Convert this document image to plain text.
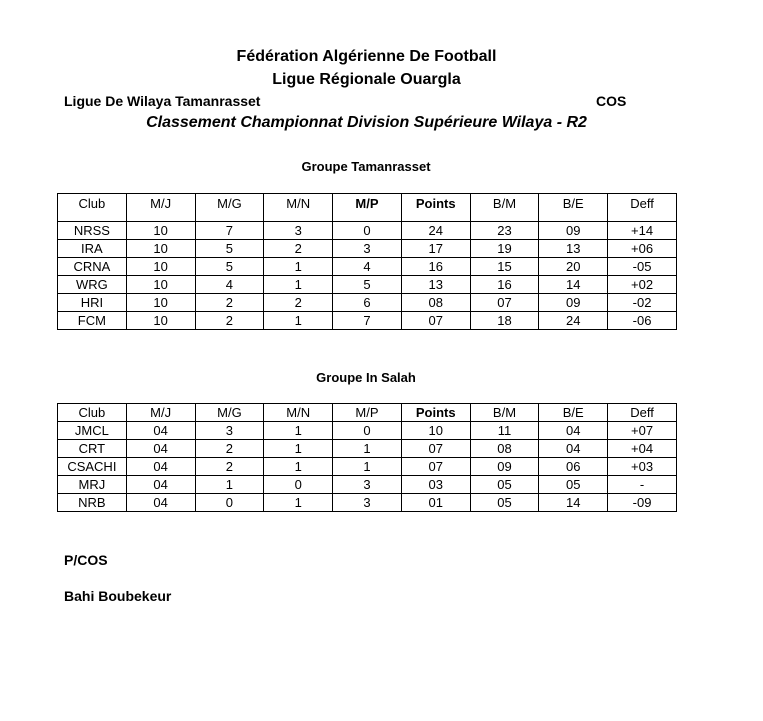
Fédération Algérienne De Football
Ligue Régionale Ouargla
Ligue De Wilaya Tamanrasset	COS
Classement Championnat Division Supérieure Wilaya - R2
Groupe Tamanrasset
Club	M/J	M/G	M/N	M/P	Points	B/M	B/E	Deff
NRSS	10	7	3	0	24	23	09	+14
IRA	10	5	2	3	17	19	13	+06
CRNA	10	5	1	4	16	15	20	-05
WRG	10	4	1	5	13	16	14	+02
HRI	10	2	2	6	08	07	09	-02
FCM	10	2	1	7	07	18	24	-06
Groupe In Salah
Club	M/J	M/G	M/N	M/P	Points	B/M	B/E	Deff
JMCL	04	3	1	0	10	11	04	+07
CRT	04	2	1	1	07	08	04	+04
CSACHI	04	2	1	1	07	09	06	+03
MRJ	04	1	0	3	03	05	05	-
NRB	04	0	1	3	01	05	14	-09
P/COS
Bahi Boubekeur
